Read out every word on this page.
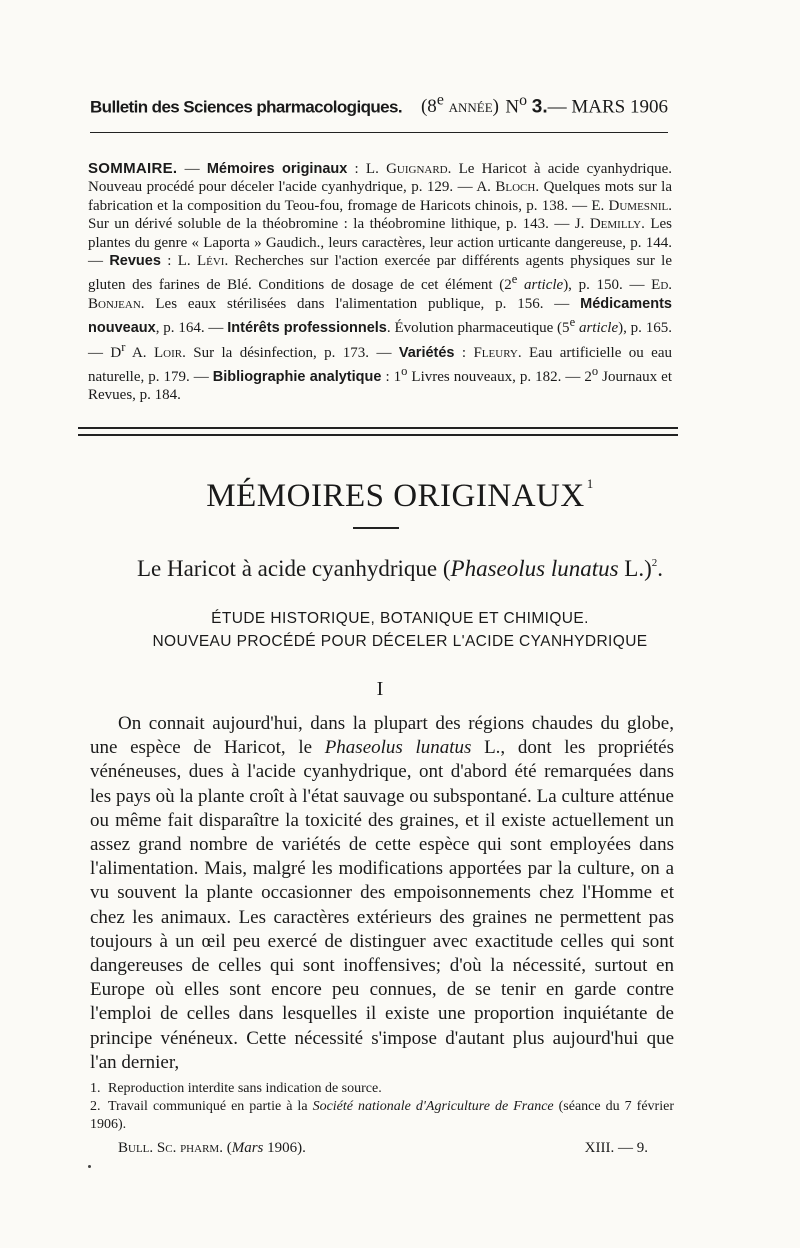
Bulletin des Sciences pharmacologiques. (8e année) $N^o$ 3.— MARS 1906
SOMMAIRE. — Mémoires originaux : L. Guignard. Le Haricot à acide cyanhydrique. Nouveau procédé pour déceler l'acide cyanhydrique, p. 129. — A. Bloch. Quelques mots sur la fabrication et la composition du Teou-fou, fromage de Haricots chinois, p. 138. — E. Dumesnil. Sur un dérivé soluble de la théobromine : la théobromine lithique, p. 143. — J. Demilly. Les plantes du genre « Laporta » Gaudich., leurs caractères, leur action urticante dangereuse, p. 144. — Revues : L. Lévi. Recherches sur l'action exercée par différents agents physiques sur le gluten des farines de Blé. Conditions de dosage de cet élément (2e article), p. 150. — Ed. Bonjean. Les eaux stérilisées dans l'alimentation publique, p. 156. — Médicaments nouveaux, p. 164. — Intérêts professionnels. Évolution pharmaceutique (5e article), p. 165. — $D^r$ A. Loir. Sur la désinfection, p. 173. — Variétés : Fleury. Eau artificielle ou eau naturelle, p. 179. — Bibliographie analytique : 1$^o$ Livres nouveaux, p. 182. — 2$^o$ Journaux et Revues, p. 184.
MÉMOIRES ORIGINAUX $^1$
Le Haricot à acide cyanhydrique (Phaseolus lunatus L.)$^2$.
ÉTUDE HISTORIQUE, BOTANIQUE ET CHIMIQUE.
NOUVEAU PROCÉDÉ POUR DÉCELER L'ACIDE CYANHYDRIQUE
I
On connait aujourd'hui, dans la plupart des régions chaudes du globe, une espèce de Haricot, le Phaseolus lunatus L., dont les propriétés vénéneuses, dues à l'acide cyanhydrique, ont d'abord été remarquées dans les pays où la plante croît à l'état sauvage ou subspontané. La culture atténue ou même fait disparaître la toxicité des graines, et il existe actuellement un assez grand nombre de variétés de cette espèce qui sont employées dans l'alimentation. Mais, malgré les modifications apportées par la culture, on a vu souvent la plante occasionner des empoisonnements chez l'Homme et chez les animaux. Les caractères extérieurs des graines ne permettent pas toujours à un œil peu exercé de distinguer avec exactitude celles qui sont dangereuses de celles qui sont inoffensives; d'où la nécessité, surtout en Europe où elles sont encore peu connues, de se tenir en garde contre l'emploi de celles dans lesquelles il existe une proportion inquiétante de principe vénéneux. Cette nécessité s'impose d'autant plus aujourd'hui que l'an dernier,
1. Reproduction interdite sans indication de source.
2. Travail communiqué en partie à la Société nationale d'Agriculture de France (séance du 7 février 1906).
Bull. Sc. pharm. (Mars 1906).	XIII. — 9.
